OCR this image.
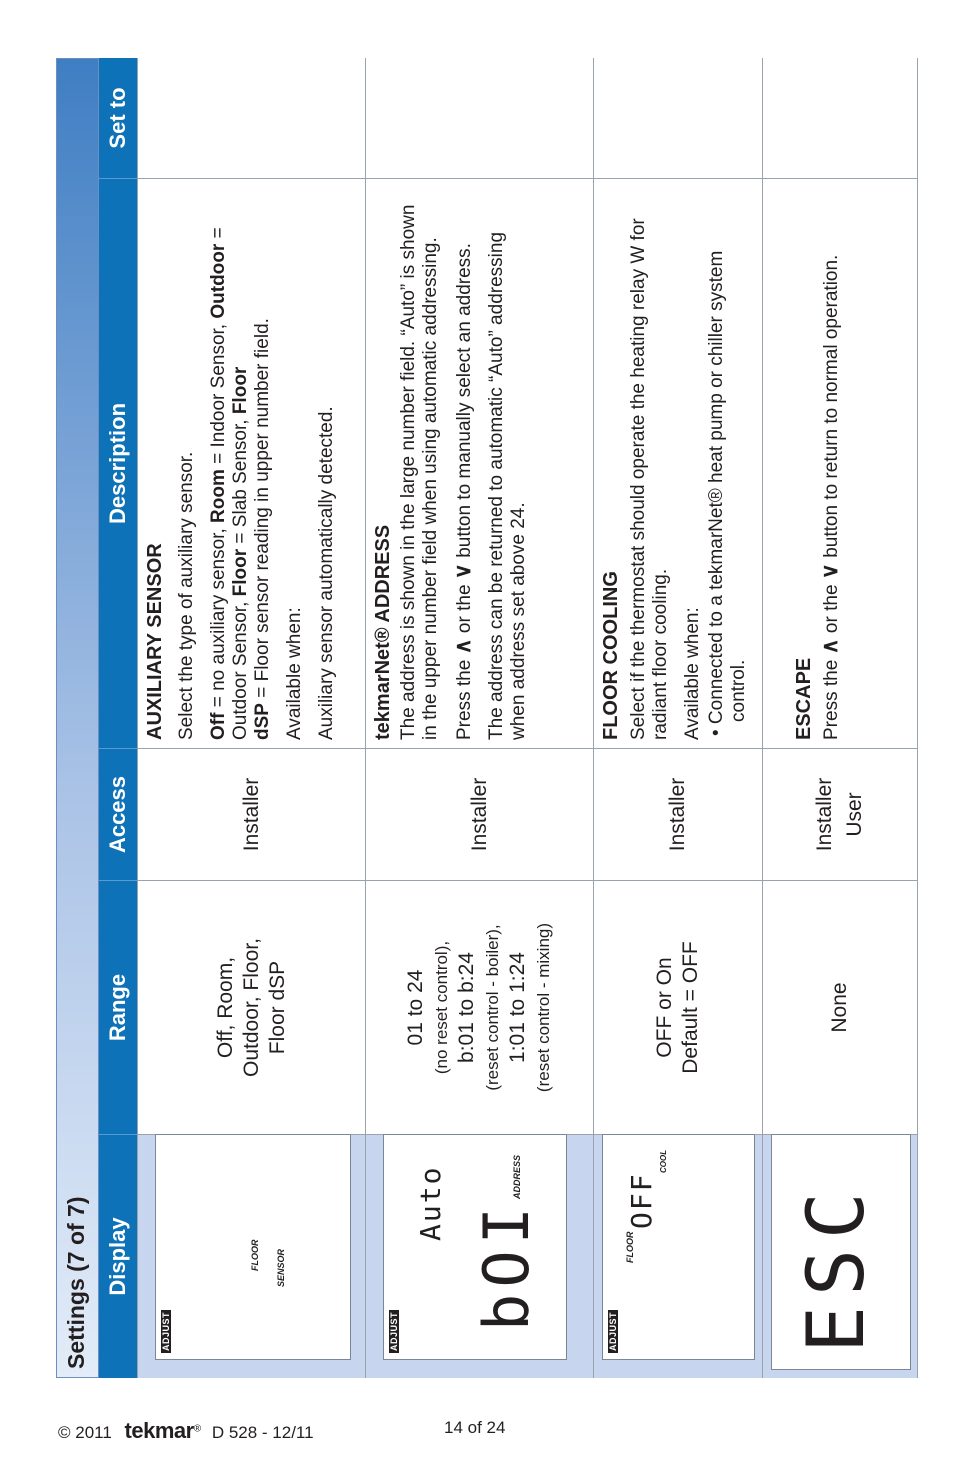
Settings (7 of 7) Display
Range
Access
Description
Set to
ADJUST
FLOOR SENSOR
Off, Room, Outdoor, Floor, Floor dSP
Installer

AUXILIARY SENSOR Select the type of auxiliary sensor. Off = no auxiliary sensor, Room = Indoor Sensor, Outdoor = Outdoor Sensor, Floor = Slab Sensor, Floor
dSP = Floor sensor reading in upper number field. Available when: Auxiliary sensor automatically detected.

ADJUST
Auto bOI
ADDRESS
01 to 24 (no reset control), b:01 to b:24 (reset control - boiler), 1:01 to 1:24 (reset control - mixing)
Installer

tekmarNet® ADDRESS The address is shown in the large number field. “Auto” is shown in the upper number field when using automatic addressing. Press the ∧ or the ∨ button to manually select an address. The address can be returned to automatic “Auto” addressing when address set above 24.

ADJUST
FLOOR
OFF
COOL
OFF or On Default = OFF
Installer

FLOOR COOLING Select if the thermostat should operate the heating relay W for radiant floor cooling. Available when: • Connected to a tekmarNet® heat pump or chiller system control.

ESC
None
Installer User

ESCAPE Press the ∧ or the ∨ button to return to normal operation.

© 2011 tekmar® D 528 - 12/11	14 of 24
